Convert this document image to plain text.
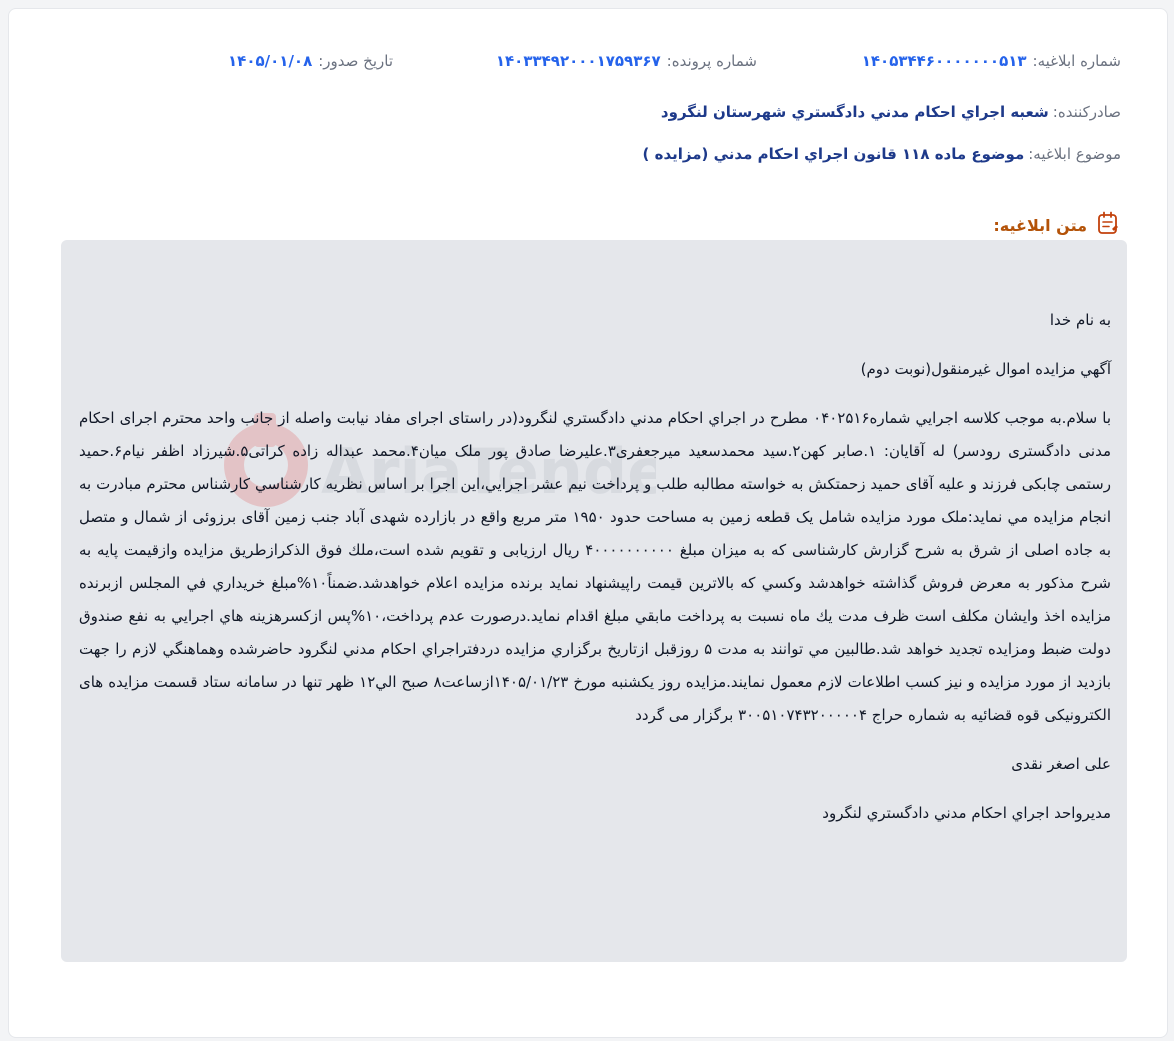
شماره ابلاغيه:
۱۴۰۵۳۴۴۶۰۰۰۰۰۰۰۵۱۳
شماره پرونده:
۱۴۰۳۳۴۹۲۰۰۰۱۷۵۹۳۶۷
تاريخ صدور:
۱۴۰۵/۰۱/۰۸
صادرکننده:
شعبه اجراي احکام مدني دادگستري شهرستان لنگرود
موضوع ابلاغيه:
موضوع ماده ۱۱۸ قانون اجراي احكام مدني (مزايده )
متن ابلاغيه:
AriaTende

به نام خدا

آگهي مزايده اموال غيرمنقول(نوبت دوم)

با سلام.به موجب كلاسه اجرايي شماره۰۴۰۲۵۱۶ مطرح در اجراي احکام مدني دادگستري لنگرود(در راستای اجرای مفاد نیابت واصله از جانب واحد محترم اجرای احکام مدنی دادگستری رودسر) له آقایان: ۱.صابر کهن۲.سید محمدسعید میرجعفری۳.علیرضا صادق پور ملک میان۴.محمد عبداله زاده کراتی۵.شیرزاد اظفر نیام۶.حمید رستمی چابکی فرزند و علیه آقای حمید زحمتکش به خواسته مطالبه طلب و پرداخت نیم عشر اجرايي،اين اجرا بر اساس نظريه کارشناسي کارشناس محترم مبادرت به انجام مزايده مي نمايد:ملک مورد مزایده شامل یک قطعه زمین به مساحت حدود ۱۹۵۰ متر مربع واقع در بازارده شهدی آباد جنب زمین آقای برزوئی از شمال و متصل به جاده اصلی از شرق به شرح گزارش کارشناسی که به میزان مبلغ ۴۰۰۰۰۰۰۰۰۰۰ ریال ارزیابی و تقویم شده است،ملك فوق الذكرازطريق مزايده وازقيمت پايه به شرح مذکور به معرض فروش گذاشته خواهدشد وكسي كه بالاترين قيمت راپيشنهاد نمايد برنده مزايده اعلام خواهدشد.ضمناً۱۰%مبلغ خريداري في المجلس ازبرنده مزايده اخذ وايشان مكلف است ظرف مدت يك ماه نسبت به پرداخت مابقي مبلغ اقدام نمايد.درصورت عدم پرداخت،۱۰%پس ازكسرهزينه هاي اجرايي به نفع صندوق دولت ضبط ومزايده تجديد خواهد شد.طالبين مي توانند به مدت ۵ روزقبل ازتاريخ برگزاري مزايده دردفتراجراي احكام مدني لنگرود حاضرشده وهماهنگي لازم را جهت بازديد از مورد مزايده و نيز كسب اطلاعات لازم معمول نمايند.مزايده روز یکشنبه مورخ ۱۴۰۵/۰۱/۲۳ازساعت۸ صبح الي۱۲ ظهر تنها در سامانه ستاد قسمت مزایده های الکترونیکی قوه قضائیه به شماره حراج ۳۰۰۵۱۰۷۴۳۲۰۰۰۰۰۴ برگزار می گردد

علی اصغر نقدی

مديرواحد اجراي احکام مدني دادگستري لنگرود
